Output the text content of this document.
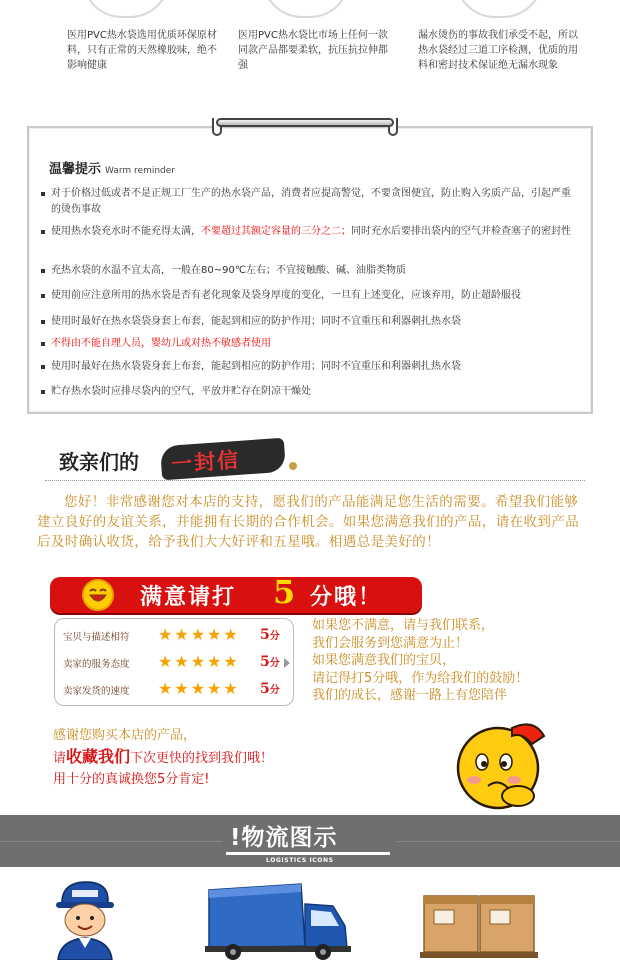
医用PVC热水袋选用优质环保原材料，只有正常的天然橡胶味，绝不影响健康
医用PVC热水袋比市场上任何一款同款产品都要柔软，抗压抗拉伸都强
漏水烫伤的事故我们承受不起，所以热水袋经过三道工序检测，优质的用料和密封技术保证绝无漏水现象
温馨提示 Warm reminder
对于价格过低或者不是正规工厂生产的热水袋产品，消费者应提高警觉，不要贪图便宜，防止购入劣质产品，引起严重的烫伤事故
使用热水袋充水时不能充得太满，不要超过其额定容量的三分之二；同时充水后要排出袋内的空气并检查塞子的密封性
充热水袋的水温不宜太高，一般在80~90℃左右；不宜接触酸、碱、油脂类物质
使用前应注意所用的热水袋是否有老化现象及袋身厚度的变化，一旦有上述变化，应该弃用，防止超龄服役
使用时最好在热水袋袋身套上布套，能起到相应的防护作用；同时不宜重压和利器刺扎热水袋
不得由不能自理人员，婴幼儿或对热不敏感者使用
使用时最好在热水袋袋身套上布套，能起到相应的防护作用；同时不宜重压和利器刺扎热水袋
贮存热水袋时应排尽袋内的空气，平放并贮存在阴凉干燥处
致亲们的 一封信
您好！非常感谢您对本店的支持，愿我们的产品能满足您生活的需要。希望我们能够建立良好的友谊关系，并能拥有长期的合作机会。如果您满意我们的产品，请在收到产品后及时确认收货，给予我们大大好评和五星哦。相遇总是美好的！
满意请打 5 分哦！
宝贝与描述相符	★★★★★ 5分
卖家的服务态度	★★★★★ 5分
卖家发货的速度	★★★★★ 5分
如果您不满意，请与我们联系，
我们会服务到您满意为止！
如果您满意我们的宝贝，
请记得打5分哦，作为给我们的鼓励！
我们的成长，感谢一路上有您陪伴
感谢您购买本店的产品，
请收藏我们下次更快的找到我们哦！
用十分的真诚换您5分肯定!
!物流图示
LOGISTICS ICONS
